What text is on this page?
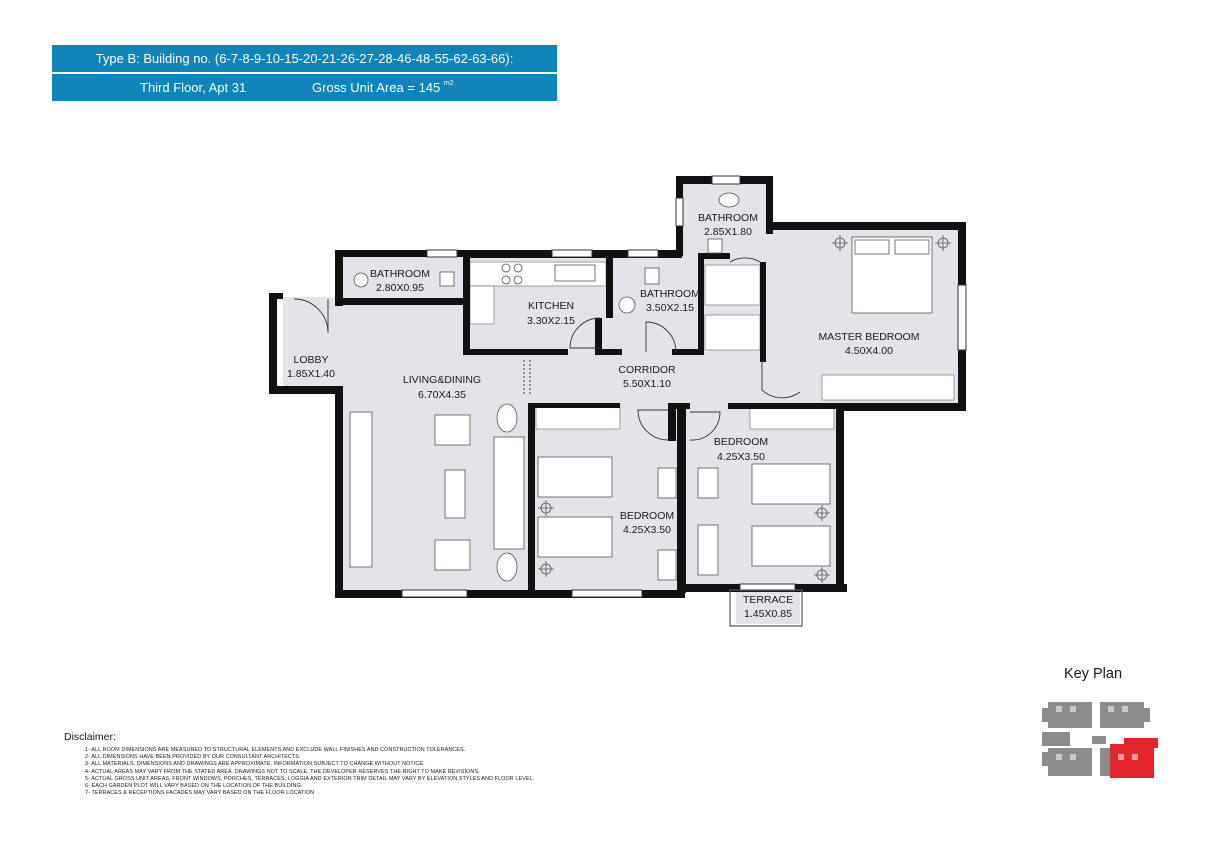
Type B: Building no. (6-7-8-9-10-15-20-21-26-27-28-46-48-55-62-63-66):
Third Floor, Apt 31	Gross Unit Area = 145 $^{m2}$
BATHROOM
2.80X0.95
KITCHEN
3.30X2.15
BATHROOM
3.50X2.15
BATHROOM
2.85X1.80
MASTER BEDROOM
4.50X4.00
LOBBY
1.85X1.40	LIVING&DINING
6.70X4.35
CORRIDOR
5.50X1.10
BEDROOM
4.25X3.50
BEDROOM
4.25X3.50
TERRACE
1.45X0.85
Disclaimer:
1- ALL ROOM DIMENSIONS ARE MEASURED TO STRUCTURAL ELEMENTS AND EXCLUDE WALL FINISHES AND CONSTRUCTION TOLERANCES.
2- ALL DIMENSIONS HAVE BEEN PROVIDED BY OUR CONSULTANT ARCHITECTS.
3- ALL MATERIALS, DIMENSIONS AND DRAWINGS ARE APPROXIMATE, INFORMATION SUBJECT TO CHANGE WITHOUT NOTICE.
4- ACTUAL AREAS MAY VARY FROM THE STATED AREA. DRAWINGS NOT TO SCALE. THE DEVELOPER RESERVES THE RIGHT TO MAKE REVISIONS.
5- ACTUAL GROSS UNIT AREAS, FRONT WINDOWS, PORCHES, TERRACES, LOGGIA AND EXTERIOR TRIM DETAIL MAY VARY BY ELEVATION STYLES AND FLOOR LEVEL.
6- EACH GARDEN PLOT WILL VARY BASED ON THE LOCATION OF THE BUILDING.
7- TERRACES & RECEPTIONS FACADES MAY VARY BASED ON THE FLOOR LOCATION
Key Plan
